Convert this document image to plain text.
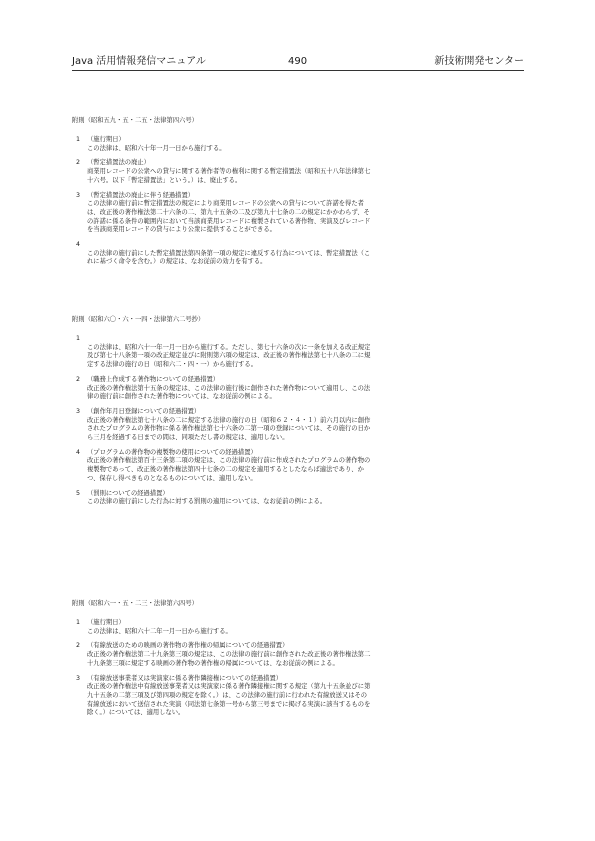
Java 活用情報発信マニュアル	490	新技術開発センター

附則（昭和五九・五・二五・法律第四六号）

1 （施行期日）
この法律は、昭和六十年一月一日から施行する。
2 （暫定措置法の廃止）
商業用レコードの公衆への貸与に関する著作者等の権利に関する暫定措置法（昭和五十八年法律第七十六号。以下「暫定措置法」という。）は、廃止する。
3 （暫定措置法の廃止に伴う経過措置）
この法律の施行前に暫定措置法の規定により商業用レコードの公衆への貸与について許諾を得た者は、改正後の著作権法第二十六条の二、第九十五条の二及び第九十七条の二の規定にかかわらず、その許諾に係る条件の範囲内において当該商業用レコードに複製されている著作物、実演及びレコードを当該商業用レコードの貸与により公衆に提供することができる。
4
この法律の施行前にした暫定措置法第四条第一項の規定に違反する行為については、暫定措置法（これに基づく命令を含む。）の規定は、なお従前の効力を有する。

附則（昭和六〇・六・一四・法律第六二号抄）

1
この法律は、昭和六十一年一月一日から施行する。ただし、第七十六条の次に一条を加える改正規定及び第七十八条第一項の改正規定並びに附則第六項の規定は、改正後の著作権法第七十八条の二に規定する法律の施行の日（昭和六二・四・一）から施行する。
2 （職務上作成する著作物についての経過措置）
改正後の著作権法第十五条の規定は、この法律の施行後に創作された著作物について適用し、この法律の施行前に創作された著作物については、なお従前の例による。
3 （創作年月日登録についての経過措置）
改正後の著作権法第七十八条の二に規定する法律の施行の日（昭和６２・４・１）前六月以内に創作されたプログラムの著作物に係る著作権法第七十六条の二第一項の登録については、その施行の日から三月を経過する日までの間は、同項ただし書の規定は、適用しない。
4 （プログラムの著作物の複製物の使用についての経過措置）
改正後の著作権法第百十三条第二項の規定は、この法律の施行前に作成されたプログラムの著作物の複製物であって、改正後の著作権法第四十七条の二の規定を適用するとしたならば適法であり、かつ、保存し得べきものとなるものについては、適用しない。
5 （罰則についての経過措置）
この法律の施行前にした行為に対する罰則の適用については、なお従前の例による。

附則（昭和六一・五・二三・法律第六四号）

1 （施行期日）
この法律は、昭和六十二年一月一日から施行する。
2 （有線放送のための映画の著作物の著作権の帰属についての経過措置）
改正後の著作権法第二十九条第三項の規定は、この法律の施行前に創作された改正後の著作権法第二十九条第三項に規定する映画の著作物の著作権の帰属については、なお従前の例による。
3 （有線放送事業者又は実演家に係る著作隣接権についての経過措置）
改正後の著作権法中有線放送事業者又は実演家に係る著作隣接権に関する規定（第九十五条並びに第九十五条の二第三項及び第四項の規定を除く。）は、この法律の施行前に行われた有線放送又はその有線放送において送信された実演（同法第七条第一号から第三号までに掲げる実演に該当するものを除く。）については、適用しない。
